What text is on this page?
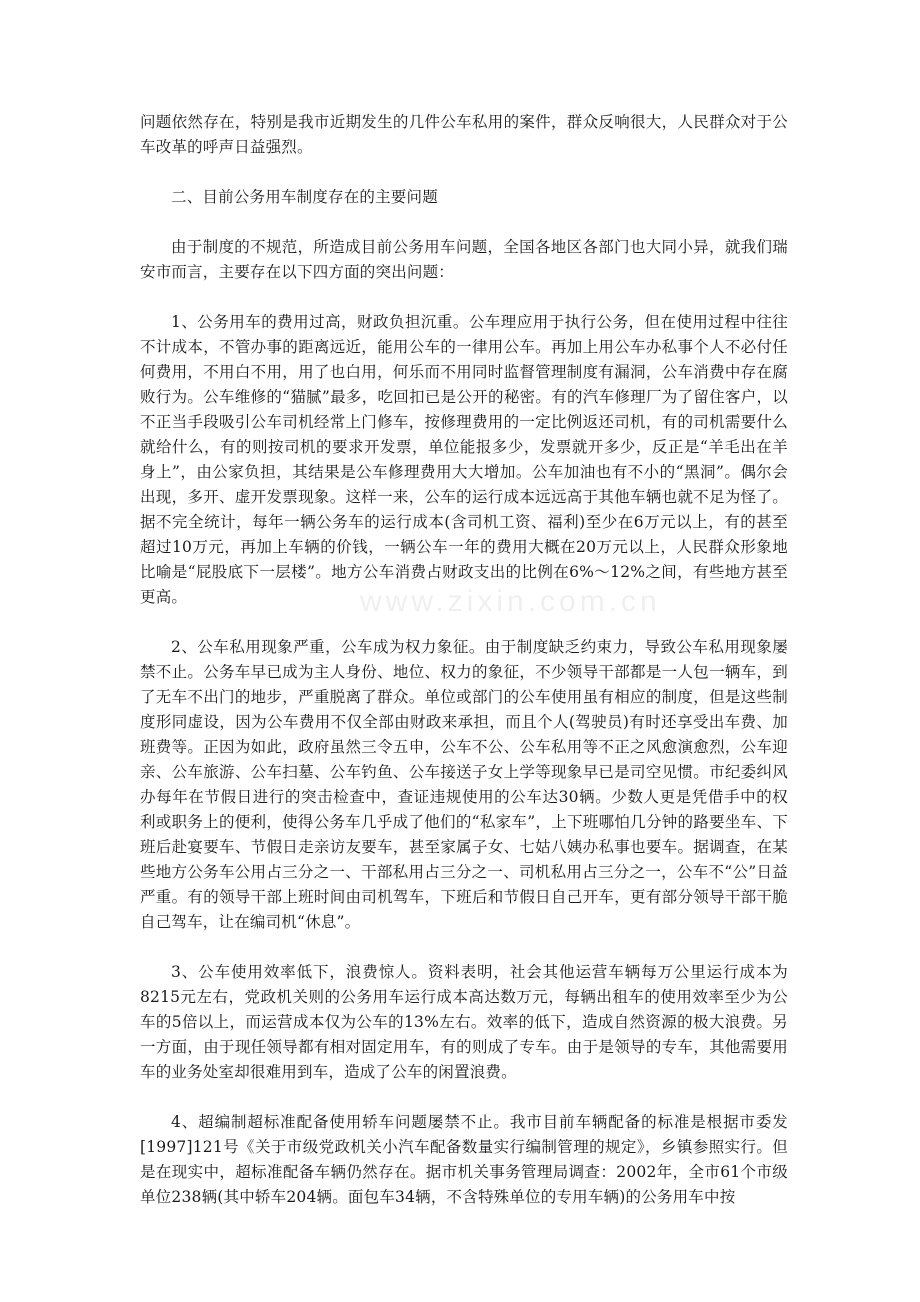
问题依然存在，特别是我市近期发生的几件公车私用的案件，群众反响很大，人民群众对于公车改革的呼声日益强烈。

二、目前公务用车制度存在的主要问题

由于制度的不规范，所造成目前公务用车问题，全国各地区各部门也大同小异，就我们瑞安市而言，主要存在以下四方面的突出问题：

1、公务用车的费用过高，财政负担沉重。公车理应用于执行公务，但在使用过程中往往不计成本，不管办事的距离远近，能用公车的一律用公车。再加上用公车办私事个人不必付任何费用，不用白不用，用了也白用，何乐而不用同时监督管理制度有漏洞，公车消费中存在腐败行为。公车维修的“猫腻”最多，吃回扣已是公开的秘密。有的汽车修理厂为了留住客户，以不正当手段吸引公车司机经常上门修车，按修理费用的一定比例返还司机，有的司机需要什么就给什么，有的则按司机的要求开发票，单位能报多少，发票就开多少，反正是“羊毛出在羊身上”，由公家负担，其结果是公车修理费用大大增加。公车加油也有不小的“黑洞”。偶尔会出现，多开、虚开发票现象。这样一来，公车的运行成本远远高于其他车辆也就不足为怪了。据不完全统计，每年一辆公务车的运行成本(含司机工资、福利)至少在6万元以上，有的甚至超过10万元，再加上车辆的价钱，一辆公车一年的费用大概在20万元以上，人民群众形象地比喻是“屁股底下一层楼”。地方公车消费占财政支出的比例在6%～12%之间，有些地方甚至更高。

2、公车私用现象严重，公车成为权力象征。由于制度缺乏约束力，导致公车私用现象屡禁不止。公务车早已成为主人身份、地位、权力的象征，不少领导干部都是一人包一辆车，到了无车不出门的地步，严重脱离了群众。单位或部门的公车使用虽有相应的制度，但是这些制度形同虚设，因为公车费用不仅全部由财政来承担，而且个人(驾驶员)有时还享受出车费、加班费等。正因为如此，政府虽然三令五申，公车不公、公车私用等不正之风愈演愈烈，公车迎亲、公车旅游、公车扫墓、公车钓鱼、公车接送子女上学等现象早已是司空见惯。市纪委纠风办每年在节假日进行的突击检查中，查证违规使用的公车达30辆。少数人更是凭借手中的权利或职务上的便利，使得公务车几乎成了他们的“私家车”，上下班哪怕几分钟的路要坐车、下班后赴宴要车、节假日走亲访友要车，甚至家属子女、七姑八姨办私事也要车。据调查，在某些地方公务车公用占三分之一、干部私用占三分之一、司机私用占三分之一，公车不“公”日益严重。有的领导干部上班时间由司机驾车，下班后和节假日自己开车，更有部分领导干部干脆自己驾车，让在编司机“休息”。

3、公车使用效率低下，浪费惊人。资料表明，社会其他运营车辆每万公里运行成本为8215元左右，党政机关则的公务用车运行成本高达数万元，每辆出租车的使用效率至少为公车的5倍以上，而运营成本仅为公车的13%左右。效率的低下，造成自然资源的极大浪费。另一方面，由于现任领导都有相对固定用车，有的则成了专车。由于是领导的专车，其他需要用车的业务处室却很难用到车，造成了公车的闲置浪费。

4、超编制超标准配备使用轿车问题屡禁不止。我市目前车辆配备的标准是根据市委发[1997]121号《关于市级党政机关小汽车配备数量实行编制管理的规定》，乡镇参照实行。但是在现实中，超标准配备车辆仍然存在。据市机关事务管理局调查：2002年，全市61个市级单位238辆(其中轿车204辆。面包车34辆，不含特殊单位的专用车辆)的公务用车中按

www.zixin.com.cn
